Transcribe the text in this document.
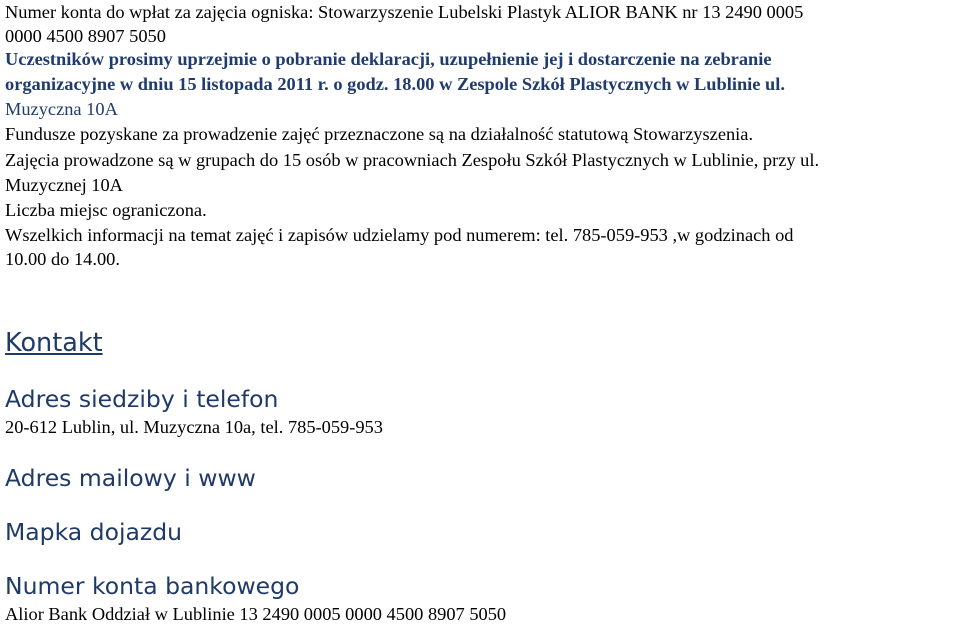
Numer konta do wpłat za zajęcia ogniska: Stowarzyszenie Lubelski Plastyk ALIOR BANK nr 13 2490 0005

0000 4500 8907 5050

Uczestników prosimy uprzejmie o pobranie deklaracji, uzupełnienie jej i dostarczenie na zebranie

organizacyjne w dniu 15 listopada 2011 r. o godz. 18.00 w Zespole Szkół Plastycznych w Lublinie ul.

Muzyczna 10A

Fundusze pozyskane za prowadzenie zajęć przeznaczone są na działalność statutową Stowarzyszenia.

Zajęcia prowadzone są w grupach do 15 osób w pracowniach Zespołu Szkół Plastycznych w Lublinie, przy ul.

Muzycznej 10A

Liczba miejsc ograniczona.

Wszelkich informacji na temat zajęć i zapisów udzielamy pod numerem: tel. 785-059-953 ,w godzinach od

10.00 do 14.00.

Kontakt

Adres siedziby i telefon

20-612 Lublin, ul. Muzyczna 10a, tel. 785-059-953

Adres mailowy i www

Mapka dojazdu

Numer konta bankowego

Alior Bank Oddział w Lublinie 13 2490 0005 0000 4500 8907 5050
